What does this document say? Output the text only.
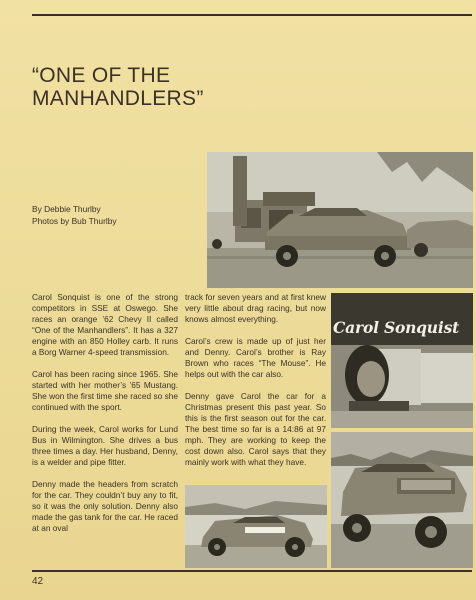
“ONE OF THE
MANHANDLERS”
By Debbie Thurlby
Photos by Bub Thurlby
Carol Sonquist

Carol Sonquist is one of the strong competitors in SSE at Oswego. She races an orange ’62 Chevy II called “One of the Manhandlers”. It has a 327 engine with an 850 Holley carb. It runs a Borg Warner 4-speed transmission.

Carol has been racing since 1965. She started with her mother’s ’65 Mustang. She won the first time she raced so she continued with the sport.

During the week, Carol works for Lund Bus in Wilmington. She drives a bus three times a day. Her husband, Denny, is a welder and pipe fitter.

Denny made the headers from scratch for the car. They couldn’t buy any to fit, so it was the only solution. Denny also made the gas tank for the car. He raced at an oval

track for seven years and at first knew very little about drag racing, but now knows almost everything.

Carol’s crew is made up of just her and Denny. Carol’s brother is Ray Brown who races “The Mouse”. He helps out with the car also.

Denny gave Carol the car for a Christmas present this past year. So this is the first season out for the car. The best time so far is a 14:86 at 97 mph. They are working to keep the cost down also. Carol says that they mainly work with what they have.

42
